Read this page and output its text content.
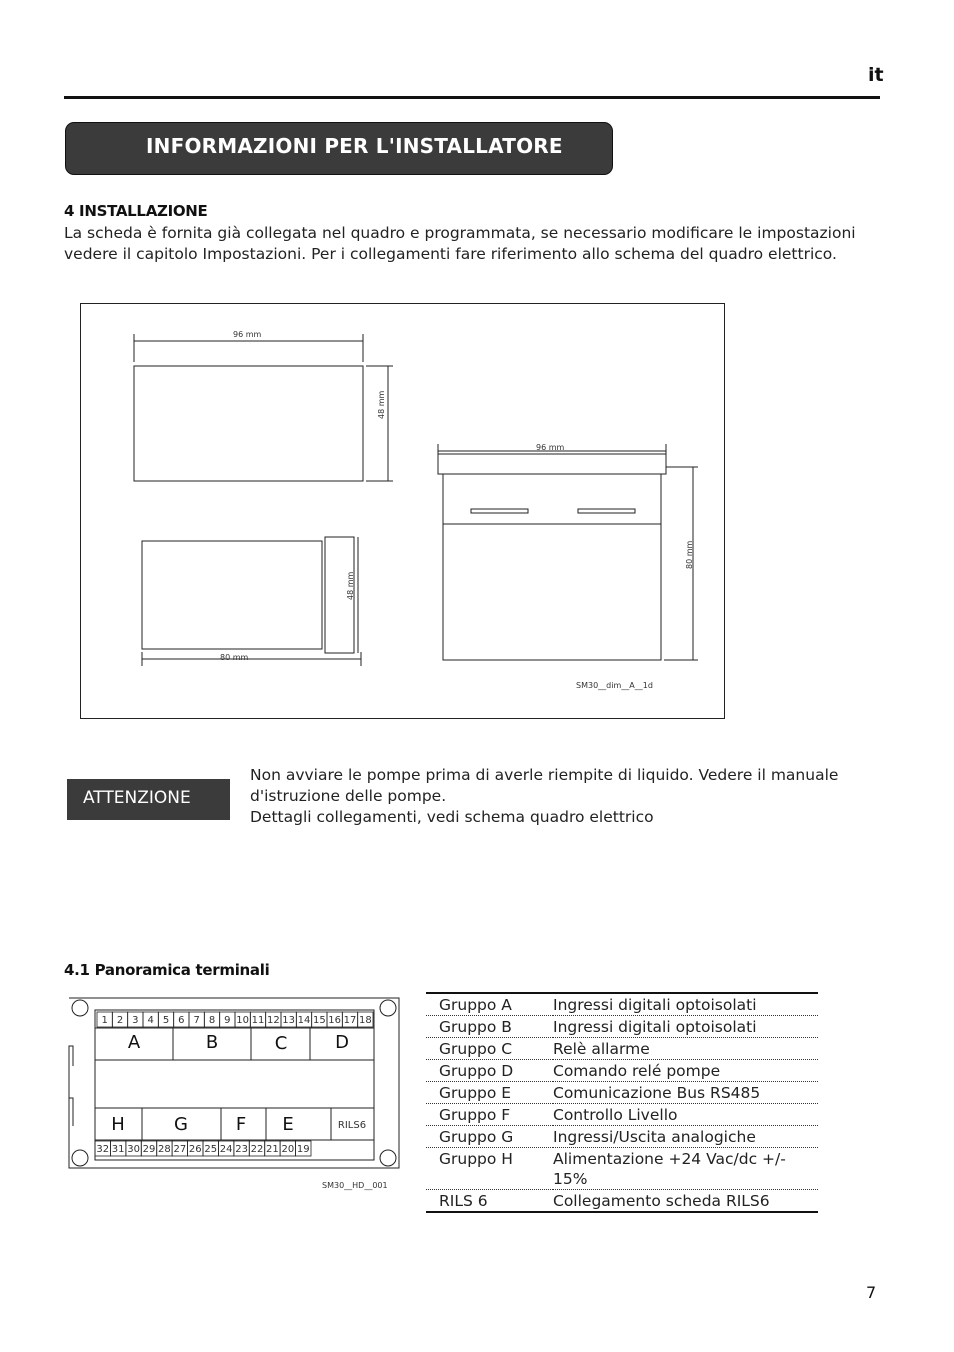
it
INFORMAZIONI PER L'INSTALLATORE
4 INSTALLAZIONE
La scheda è fornita già collegata nel quadro e programmata, se necessario modificare le impostazioni
vedere il capitolo Impostazioni. Per i collegamenti fare riferimento allo schema del quadro elettrico.
96 mm
48 mm
96 mm
80 mm
48 mm
80 mm
SM30__dim__A__1d
ATTENZIONE
Non avviare le pompe prima di averle riempite di liquido. Vedere il manuale
d'istruzione delle pompe.
Dettagli collegamenti, vedi schema quadro elettrico
4.1 Panoramica terminali
1 2 3 4 5 6 7 8 9 10 11 12 13 14 15 16 17 18
32 31 30 29 28 27 26 25 24 23 22 21 20 19
A	B	C	D
H	G	F E	RILS6
SM30__HD__001
Gruppo A	Ingressi digitali optoisolati

Gruppo B	Ingressi digitali optoisolati

Gruppo C	Relè allarme

Gruppo D	Comando relé pompe

Gruppo E	Comunicazione Bus RS485

Gruppo F	Controllo Livello

Gruppo G	Ingressi/Uscita analogiche

Gruppo H	Alimentazione +24 Vac/dc +/-
15%

RILS 6	Collegamento scheda RILS6
7
